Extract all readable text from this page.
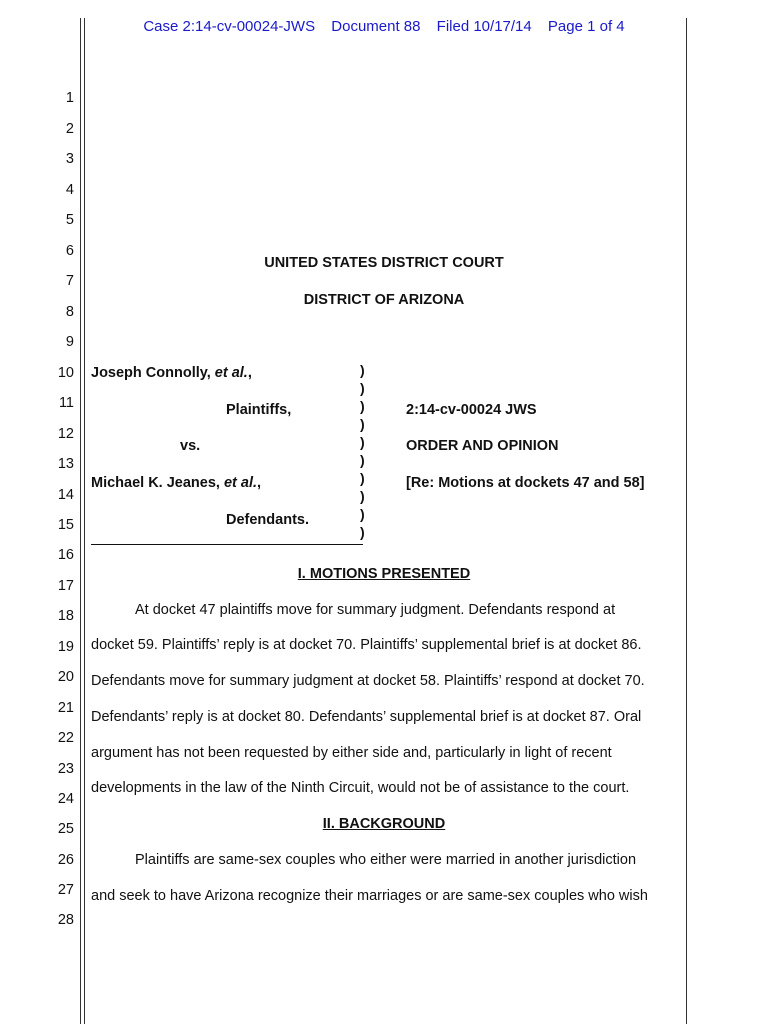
Case 2:14-cv-00024-JWS Document 88 Filed 10/17/14 Page 1 of 4
1
2
3
4
5
6
7
8
9
10
11
12
13
14
15
16
17
18
19
20
21
22
23
24
25
26
27
28
UNITED STATES DISTRICT COURT
DISTRICT OF ARIZONA
Joseph Connolly, et al.,
Plaintiffs,
vs.
Michael K. Jeanes, et al.,
Defendants.
)
)
)
)
)
)
)
)
)
)
2:14-cv-00024 JWS
ORDER AND OPINION
[Re: Motions at dockets 47 and 58]
I. MOTIONS PRESENTED
At docket 47 plaintiffs move for summary judgment. Defendants respond at
docket 59. Plaintiffs’ reply is at docket 70. Plaintiffs’ supplemental brief is at docket 86.
Defendants move for summary judgment at docket 58. Plaintiffs’ respond at docket 70.
Defendants’ reply is at docket 80. Defendants’ supplemental brief is at docket 87. Oral
argument has not been requested by either side and, particularly in light of recent
developments in the law of the Ninth Circuit, would not be of assistance to the court.
II. BACKGROUND
Plaintiffs are same-sex couples who either were married in another jurisdiction
and seek to have Arizona recognize their marriages or are same-sex couples who wish
